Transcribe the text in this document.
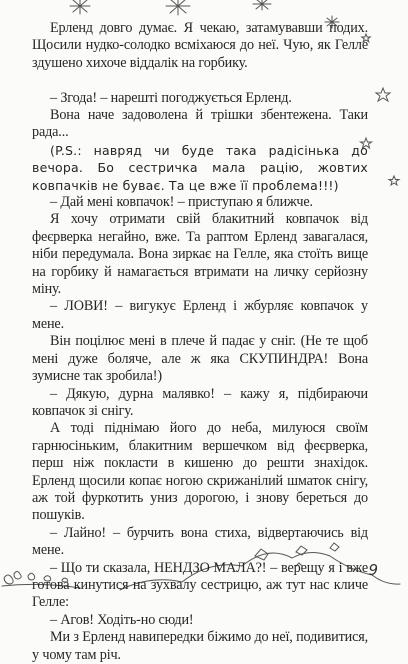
Ерленд довго думає. Я чекаю, затамувавши подих. Щосили нудко-солодко всміхаюся до неї. Чую, як Гелле здушено хихоче віддалік на горбику.

– Згода! – нарешті погоджується Ерленд.

Вона наче задоволена й трішки збентежена. Таки рада...

(P.S.: навряд чи буде така радісінька до вечора. Бо сестричка мала рацію, жовтих ковпачків не буває. Та це вже її проблема!!!)

– Дай мені ковпачок! – приступаю я ближче.

Я хочу отримати свій блакитний ковпачок від феєрверка негайно, вже. Та раптом Ерленд завагалася, ніби передумала. Вона зиркає на Гелле, яка стоїть вище на горбику й намагається втримати на личку серйозну міну.

– ЛОВИ! – вигукує Ерленд і жбурляє ковпачок у мене.

Він поцілює мені в плече й падає у сніг. (Не те щоб мені дуже боляче, але ж яка СКУПИНДРА! Вона зумисне так зробила!)

– Дякую, дурна малявко! – кажу я, підбираючи ковпачок зі снігу.

А тоді піднімаю його до неба, милуюся своїм гарнюсіньким, блакитним вершечком від феєрверка, перш ніж покласти в кишеню до решти знахідок. Ерленд щосили копає ногою скрижанілий шматок снігу, аж той фуркотить униз дорогою, і знову береться до пошуків.

– Лайно! – бурчить вона стиха, відвертаючись від мене.

– Що ти сказала, НЕНДЗО МАЛА?! – верещу я і вже готова кинутися на зухвалу сестрицю, аж тут нас кличе Гелле:

– Агов! Ходіть-но сюди!

Ми з Ерленд навипередки біжимо до неї, подивитися, у чому там річ.

9
